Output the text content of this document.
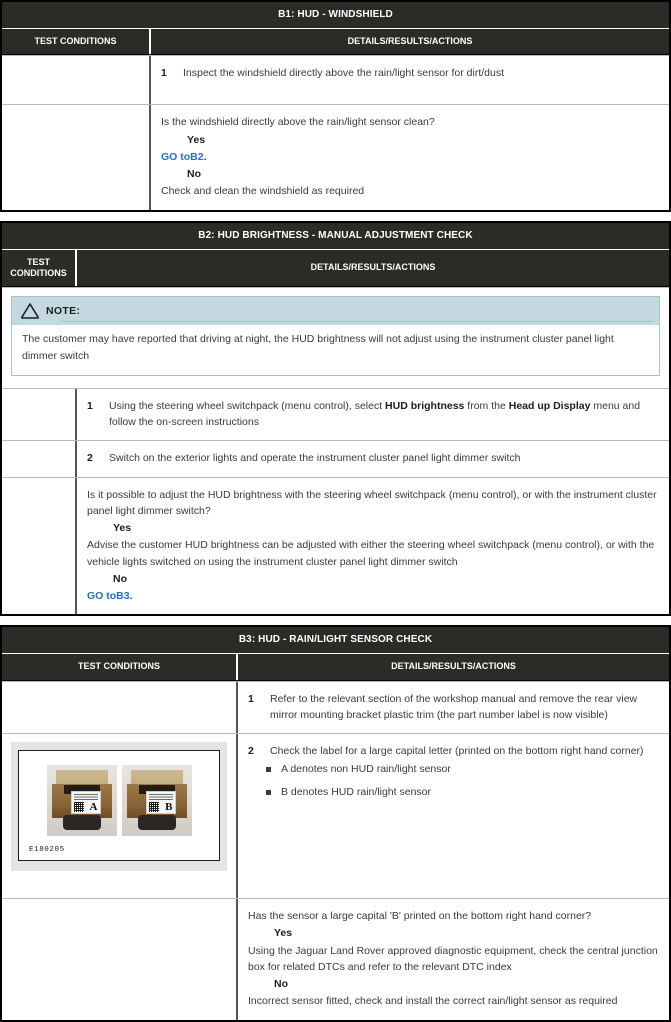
B1: HUD - WINDSHIELD
TEST CONDITIONS	DETAILS/RESULTS/ACTIONS
1	Inspect the windshield directly above the rain/light sensor for dirt/dust
Is the windshield directly above the rain/light sensor clean?
Yes
GO toB2.
No
Check and clean the windshield as required
B2: HUD BRIGHTNESS - MANUAL ADJUSTMENT CHECK
TEST CONDITIONS
DETAILS/RESULTS/ACTIONS
NOTE:
The customer may have reported that driving at night, the HUD brightness will not adjust using the instrument cluster panel light dimmer switch
1	Using the steering wheel switchpack (menu control), select HUD brightness from the Head up Display menu and follow the on-screen instructions
2	Switch on the exterior lights and operate the instrument cluster panel light dimmer switch
Is it possible to adjust the HUD brightness with the steering wheel switchpack (menu control), or with the instrument cluster panel light dimmer switch?
Yes
Advise the customer HUD brightness can be adjusted with either the steering wheel switchpack (menu control), or with the vehicle lights switched on using the instrument cluster panel light dimmer switch
No
GO toB3.
B3: HUD - RAIN/LIGHT SENSOR CHECK
TEST CONDITIONS	DETAILS/RESULTS/ACTIONS
1	Refer to the relevant section of the workshop manual and remove the rear view mirror mounting bracket plastic trim (the part number label is now visible)
A	B
E180205
2	Check the label for a large capital letter (printed on the bottom right hand corner)
A denotes non HUD rain/light sensor
B denotes HUD rain/light sensor
Has the sensor a large capital 'B' printed on the bottom right hand corner?
Yes
Using the Jaguar Land Rover approved diagnostic equipment, check the central junction box for related DTCs and refer to the relevant DTC index
No
Incorrect sensor fitted, check and install the correct rain/light sensor as required
